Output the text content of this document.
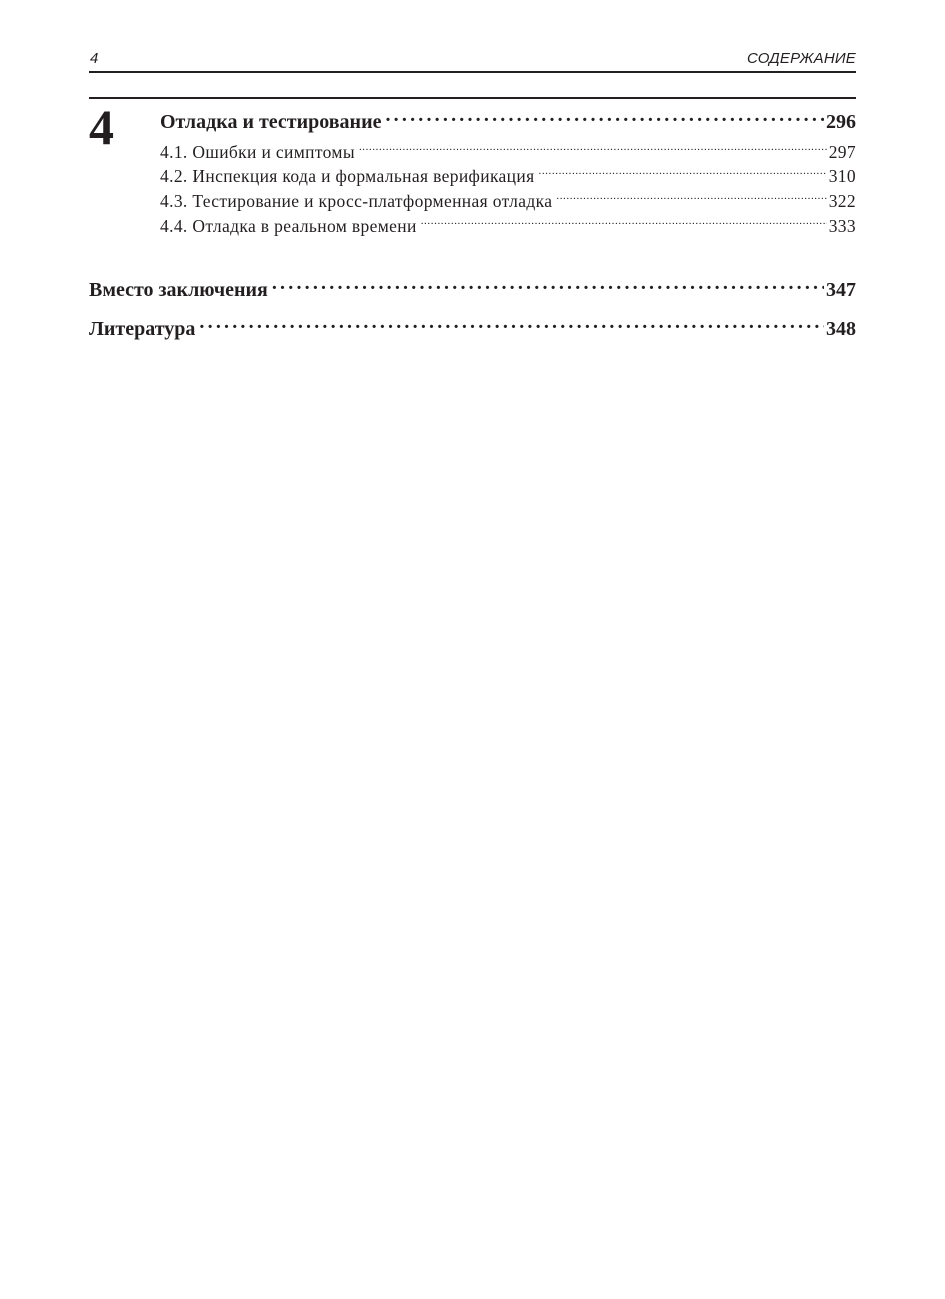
4	СОДЕРЖАНИЕ
4 Отладка и тестирование .....	296
4.1. Ошибки и симптомы .....	297
4.2. Инспекция кода и формальная верификация .....	310
4.3. Тестирование и кросс-платформенная отладка .....	322
4.4. Отладка в реальном времени .....	333
Вместо заключения .....	347
Литература .....	348
